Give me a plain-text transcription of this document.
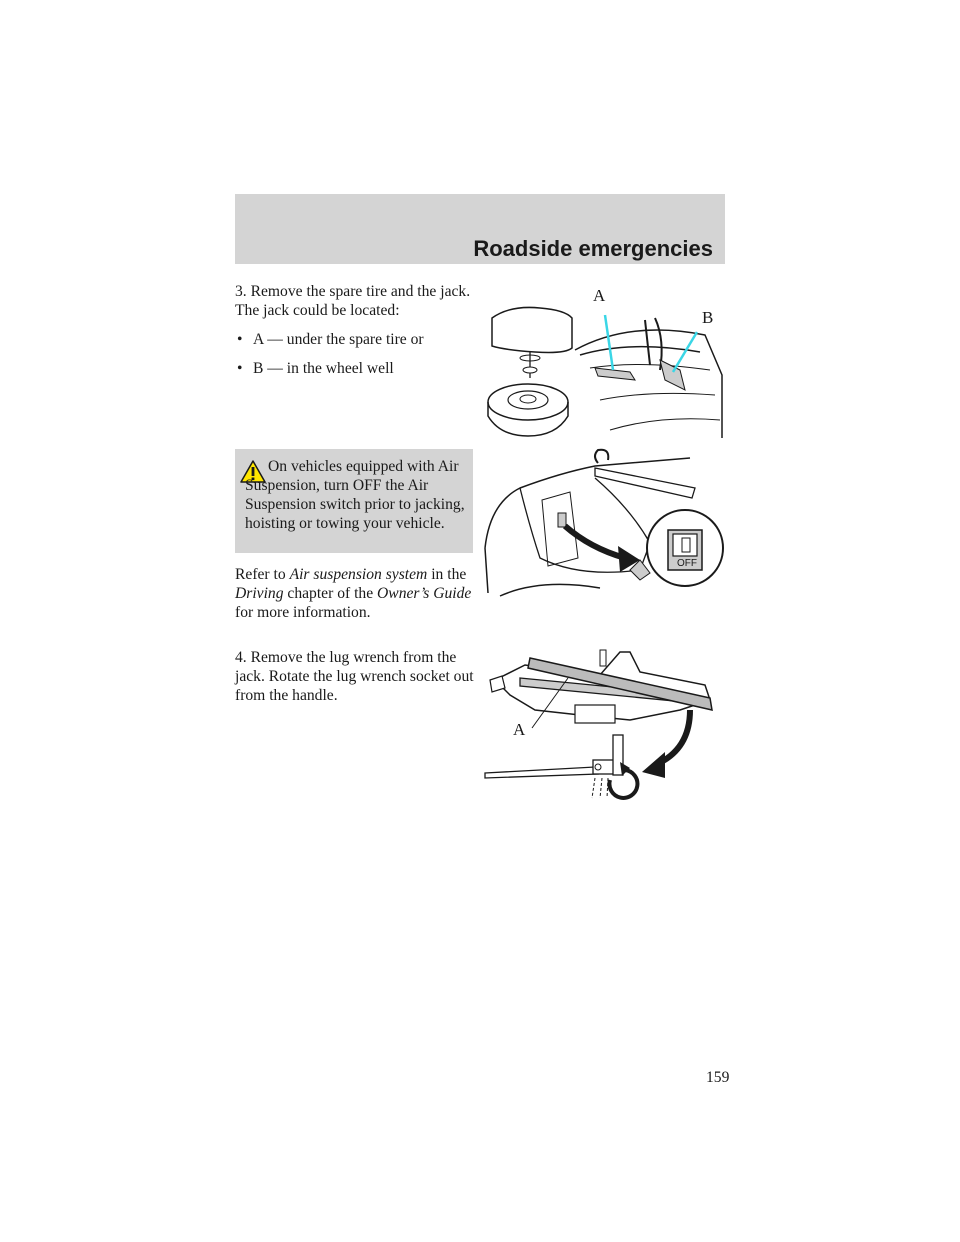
Roadside emergencies
3. Remove the spare tire and the jack. The jack could be located:
• A — under the spare tire or
• B — in the wheel well
On vehicles equipped with Air Suspension, turn OFF the Air Suspension switch prior to jacking, hoisting or towing your vehicle.
Refer to Air suspension system in the Driving chapter of the Owner’s Guide for more information.
4. Remove the lug wrench from the jack. Rotate the lug wrench socket out from the handle.
A
B
OFF
A
159
